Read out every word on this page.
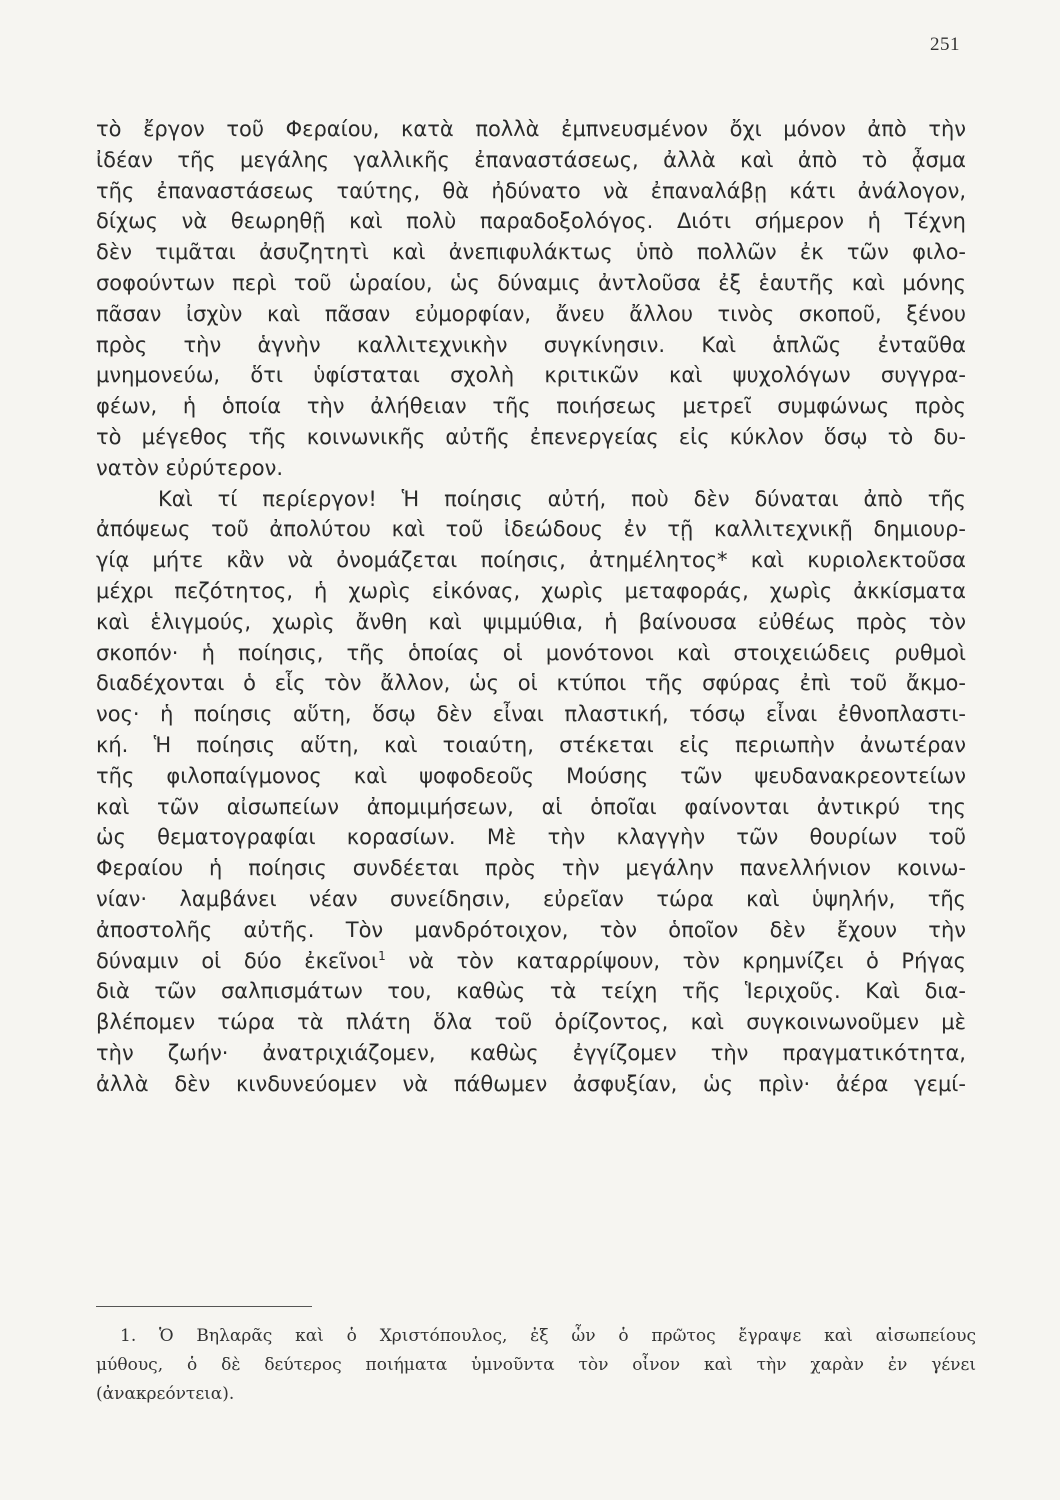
251
τὸ ἔργον τοῦ Φεραίου, κατὰ πολλὰ ἐμπνευσμένον ὄχι μόνον ἀπὸ τὴν
ἰδέαν τῆς μεγάλης γαλλικῆς ἐπαναστάσεως, ἀλλὰ καὶ ἀπὸ τὸ ᾆσμα
τῆς ἐπαναστάσεως ταύτης, θὰ ἠδύνατο νὰ ἐπαναλάβῃ κάτι ἀνάλογον,
δίχως νὰ θεωρηθῇ καὶ πολὺ παραδοξολόγος. Διότι σήμερον ἡ Τέχνη
δὲν τιμᾶται ἀσυζητητὶ καὶ ἀνεπιφυλάκτως ὑπὸ πολλῶν ἐκ τῶν φιλο-
σοφούντων περὶ τοῦ ὡραίου, ὡς δύναμις ἀντλοῦσα ἐξ ἑαυτῆς καὶ μόνης
πᾶσαν ἰσχὺν καὶ πᾶσαν εὐμορφίαν, ἄνευ ἄλλου τινὸς σκοποῦ, ξένου
πρὸς τὴν ἁγνὴν καλλιτεχνικὴν συγκίνησιν. Καὶ ἁπλῶς ἐνταῦθα
μνημονεύω, ὅτι ὑφίσταται σχολὴ κριτικῶν καὶ ψυχολόγων συγγρα-
φέων, ἡ ὁποία τὴν ἀλήθειαν τῆς ποιήσεως μετρεῖ συμφώνως πρὸς
τὸ μέγεθος τῆς κοινωνικῆς αὐτῆς ἐπενεργείας εἰς κύκλον ὅσῳ τὸ δυ-
νατὸν εὐρύτερον.
Καὶ τί περίεργον! Ἡ ποίησις αὐτή, ποὺ δὲν δύναται ἀπὸ τῆς
ἀπόψεως τοῦ ἀπολύτου καὶ τοῦ ἰδεώδους ἐν τῇ καλλιτεχνικῇ δημιουρ-
γίᾳ μήτε κἂν νὰ ὀνομάζεται ποίησις, ἀτημέλητος* καὶ κυριολεκτοῦσα
μέχρι πεζότητος, ἡ χωρὶς εἰκόνας, χωρὶς μεταφοράς, χωρὶς ἀκκίσματα
καὶ ἑλιγμούς, χωρὶς ἄνθη καὶ ψιμμύθια, ἡ βαίνουσα εὐθέως πρὸς τὸν
σκοπόν· ἡ ποίησις, τῆς ὁποίας οἱ μονότονοι καὶ στοιχειώδεις ρυθμοὶ
διαδέχονται ὁ εἷς τὸν ἄλλον, ὡς οἱ κτύποι τῆς σφύρας ἐπὶ τοῦ ἄκμο-
νος· ἡ ποίησις αὕτη, ὅσῳ δὲν εἶναι πλαστική, τόσῳ εἶναι ἐθνοπλαστι-
κή. Ἡ ποίησις αὕτη, καὶ τοιαύτη, στέκεται εἰς περιωπὴν ἀνωτέραν
τῆς φιλοπαίγμονος καὶ ψοφοδεοῦς Μούσης τῶν ψευδανακρεοντείων
καὶ τῶν αἰσωπείων ἀπομιμήσεων, αἱ ὁποῖαι φαίνονται ἀντικρύ της
ὡς θεματογραφίαι κορασίων. Μὲ τὴν κλαγγὴν τῶν θουρίων τοῦ
Φεραίου ἡ ποίησις συνδέεται πρὸς τὴν μεγάλην πανελλήνιον κοινω-
νίαν· λαμβάνει νέαν συνείδησιν, εὐρεῖαν τώρα καὶ ὑψηλήν, τῆς
ἀποστολῆς αὐτῆς. Τὸν μανδρότοιχον, τὸν ὁποῖον δὲν ἔχουν τὴν
δύναμιν οἱ δύο ἐκεῖνοι$^1$ νὰ τὸν καταρρίψουν, τὸν κρημνίζει ὁ Ρήγας
διὰ τῶν σαλπισμάτων του, καθὼς τὰ τείχη τῆς Ἱεριχοῦς. Καὶ δια-
βλέπομεν τώρα τὰ πλάτη ὅλα τοῦ ὁρίζοντος, καὶ συγκοινωνοῦμεν μὲ
τὴν ζωήν· ἀνατριχιάζομεν, καθὼς ἐγγίζομεν τὴν πραγματικότητα,
ἀλλὰ δὲν κινδυνεύομεν νὰ πάθωμεν ἀσφυξίαν, ὡς πρὶν· ἀέρα γεμί-
1. Ὁ Βηλαρᾶς καὶ ὁ Χριστόπουλος, ἐξ ὧν ὁ πρῶτος ἔγραψε καὶ αἰσωπείους
μύθους, ὁ δὲ δεύτερος ποιήματα ὑμνοῦντα τὸν οἶνον καὶ τὴν χαρὰν ἐν γένει
(ἀνακρεόντεια).
